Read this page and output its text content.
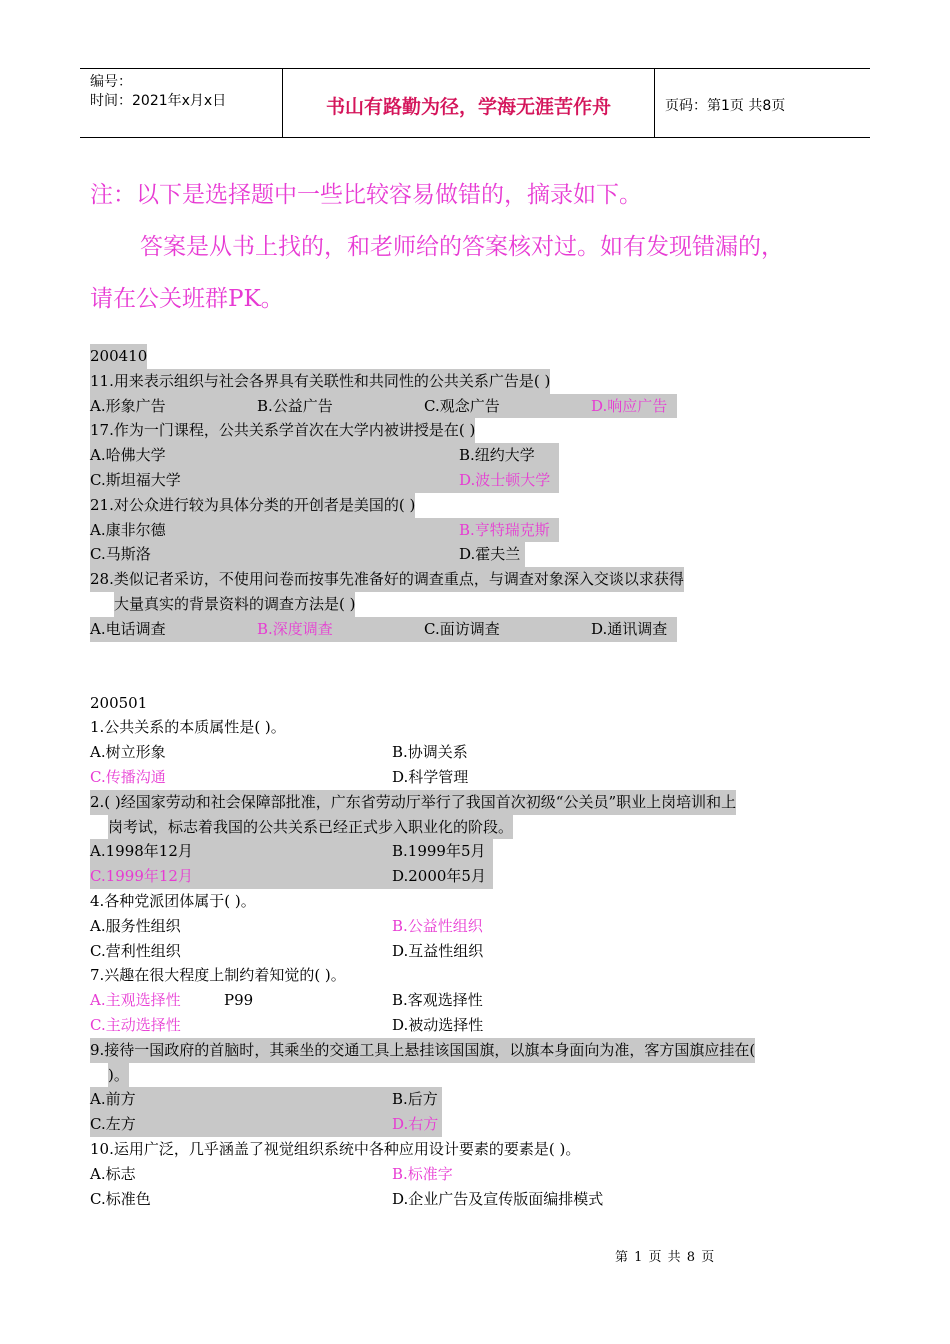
编号：
时间：2021年x月x日	书山有路勤为径，学海无涯苦作舟	页码：第1页 共8页
注：以下是选择题中一些比较容易做错的，摘录如下。
答案是从书上找的，和老师给的答案核对过。如有发现错漏的，
请在公关班群PK。
200410
11.用来表示组织与社会各界具有关联性和共同性的公共关系广告是( )
A.形象广告	B.公益广告	C.观念广告	D.响应广告
17.作为一门课程，公共关系学首次在大学内被讲授是在( )
A.哈佛大学	B.纽约大学
C.斯坦福大学	D.波士顿大学
21.对公众进行较为具体分类的开创者是美国的( )
A.康非尔德	B.亨特瑞克斯
C.马斯洛	D.霍夫兰
28.类似记者采访，不使用问卷而按事先准备好的调查重点，与调查对象深入交谈以求获得
大量真实的背景资料的调查方法是( )
A.电话调查	B.深度调查	C.面访调查	D.通讯调查
200501
1.公共关系的本质属性是( )。
A.树立形象	B.协调关系
C.传播沟通	D.科学管理
2.( )经国家劳动和社会保障部批准，广东省劳动厅举行了我国首次初级“公关员”职业上岗培训和上
岗考试，标志着我国的公共关系已经正式步入职业化的阶段。
A.1998年12月	B.1999年5月
C.1999年12月	D.2000年5月
4.各种党派团体属于( )。
A.服务性组织	B.公益性组织
C.营利性组织	D.互益性组织
7.兴趣在很大程度上制约着知觉的( )。
A.主观选择性	P99	B.客观选择性
C.主动选择性	D.被动选择性
9.接待一国政府的首脑时，其乘坐的交通工具上悬挂该国国旗，以旗本身面向为准，客方国旗应挂在(
)。
A.前方	B.后方
C.左方	D.右方
10.运用广泛，几乎涵盖了视觉组织系统中各种应用设计要素的要素是( )。
A.标志	B.标准字
C.标准色	D.企业广告及宣传版面编排模式
第 1 页 共 8 页
